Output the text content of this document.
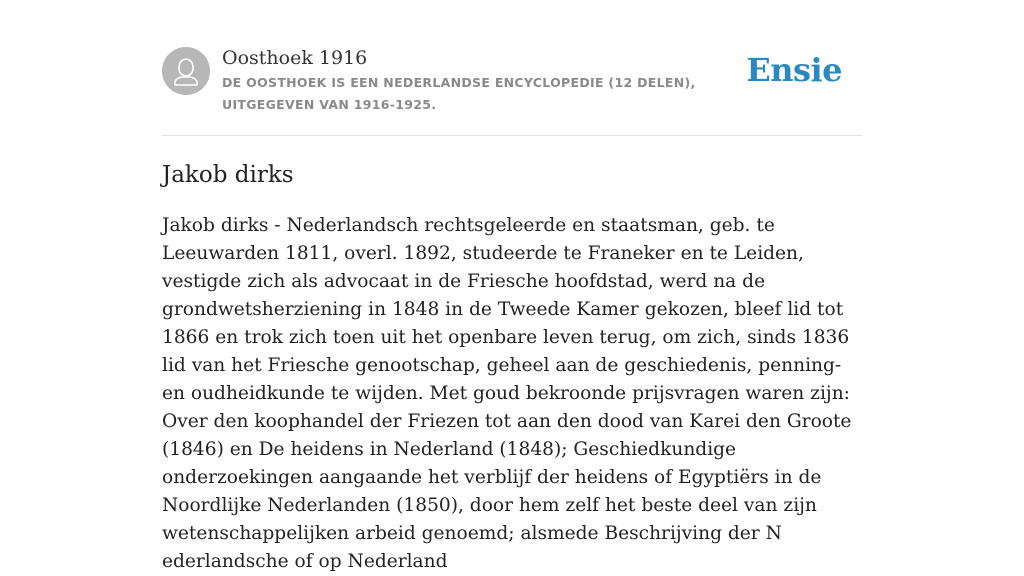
Oosthoek 1916
DE OOSTHOEK IS EEN NEDERLANDSE ENCYCLOPEDIE (12 DELEN), UITGEGEVEN VAN 1916-1925.
Ensie
Jakob dirks

Jakob dirks - Nederlandsch rechtsgeleerde en staatsman, geb. te Leeuwarden 1811, overl. 1892, studeerde te Franeker en te Leiden, vestigde zich als advocaat in de Friesche hoofdstad, werd na de grondwetsherziening in 1848 in de Tweede Kamer gekozen, bleef lid tot 1866 en trok zich toen uit het openbare leven terug, om zich, sinds 1836 lid van het Friesche genootschap, geheel aan de geschiedenis, penning- en oudheidkunde te wijden. Met goud bekroonde prijsvragen waren zijn: Over den koophandel der Friezen tot aan den dood van Karei den Groote (1846) en De heidens in Nederland (1848); Geschiedkundige onderzoekingen aangaande het verblijf der heidens of Egyptiërs in de Noordlijke Nederlanden (1850), door hem zelf het beste deel van zijn wetenschappelijken arbeid genoemd; alsmede Beschrijving der N ederlandsche of op Nederland
